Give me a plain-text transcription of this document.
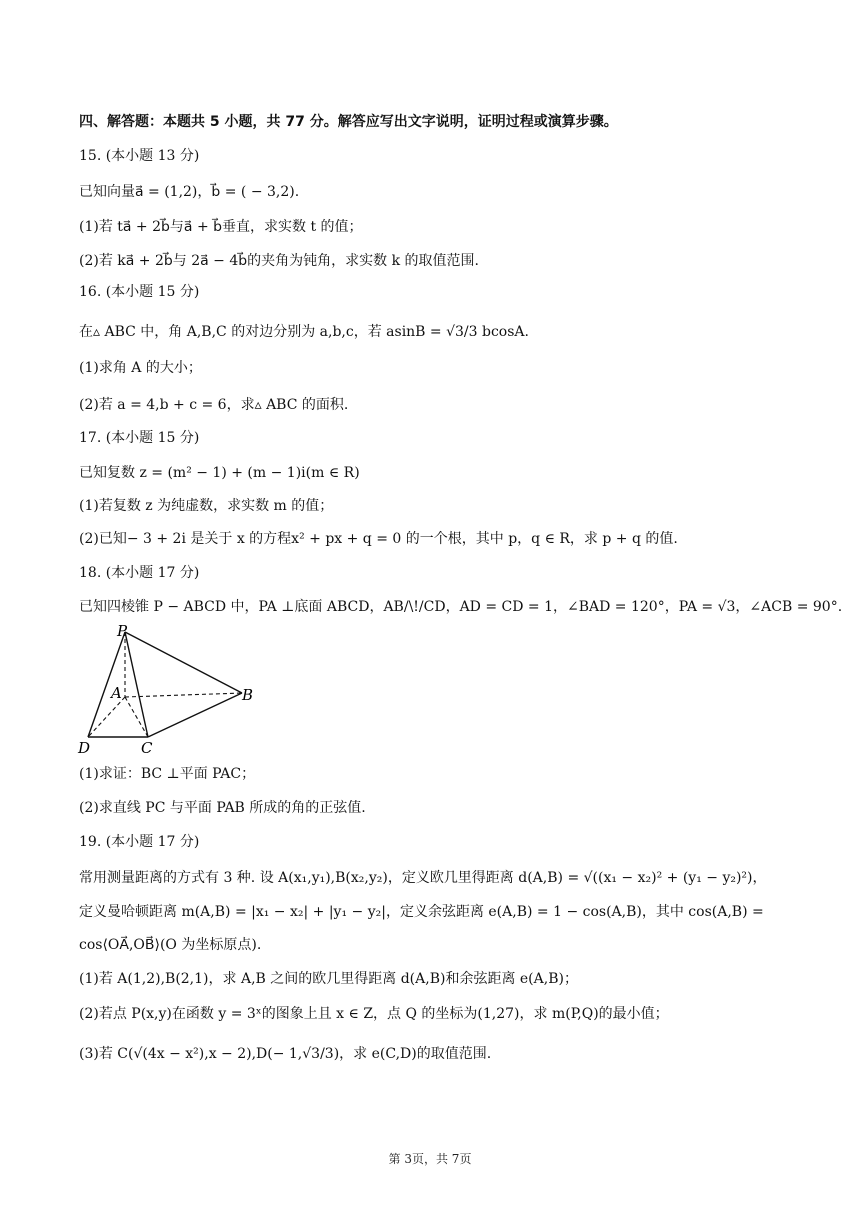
四、解答题：本题共 5 小题，共 77 分。解答应写出文字说明，证明过程或演算步骤。
15. (本小题 13 分)
已知向量a⃗ = (1,2)，b⃗ = ( − 3,2).
(1)若 ta⃗ + 2b⃗与a⃗ + b⃗垂直，求实数 t 的值；
(2)若 ka⃗ + 2b⃗与 2a⃗ − 4b⃗的夹角为钝角，求实数 k 的取值范围.
16. (本小题 15 分)
在▵ ABC 中，角 A,B,C 的对边分别为 a,b,c，若 asinB = √3/3 bcosA.
(1)求角 A 的大小；
(2)若 a = 4,b + c = 6，求▵ ABC 的面积.
17. (本小题 15 分)
已知复数 z = (m² − 1) + (m − 1)i(m ∈ R)
(1)若复数 z 为纯虚数，求实数 m 的值；
(2)已知− 3 + 2i 是关于 x 的方程x² + px + q = 0 的一个根，其中 p，q ∈ R，求 p + q 的值.
18. (本小题 17 分)
已知四棱锥 P − ABCD 中，PA ⊥底面 ABCD，AB/\!/CD，AD = CD = 1，∠BAD = 120°，PA = √3，∠ACB = 90°.
P
A	B
C
D
(1)求证：BC ⊥平面 PAC；
(2)求直线 PC 与平面 PAB 所成的角的正弦值.
19. (本小题 17 分)
常用测量距离的方式有 3 种. 设 A(x₁,y₁),B(x₂,y₂)，定义欧几里得距离 d(A,B) = √((x₁ − x₂)² + (y₁ − y₂)²)，
定义曼哈顿距离 m(A,B) = |x₁ − x₂| + |y₁ − y₂|，定义余弦距离 e(A,B) = 1 − cos(A,B)，其中 cos(A,B) =
cos⟨OA⃗,OB⃗⟩(O 为坐标原点).
(1)若 A(1,2),B(2,1)，求 A,B 之间的欧几里得距离 d(A,B)和余弦距离 e(A,B)；
(2)若点 P(x,y)在函数 y = 3ˣ的图象上且 x ∈ Z，点 Q 的坐标为(1,27)，求 m(P,Q)的最小值；
(3)若 C(√(4x − x²),x − 2),D(− 1,√3/3)，求 e(C,D)的取值范围.
第 3页，共 7页
